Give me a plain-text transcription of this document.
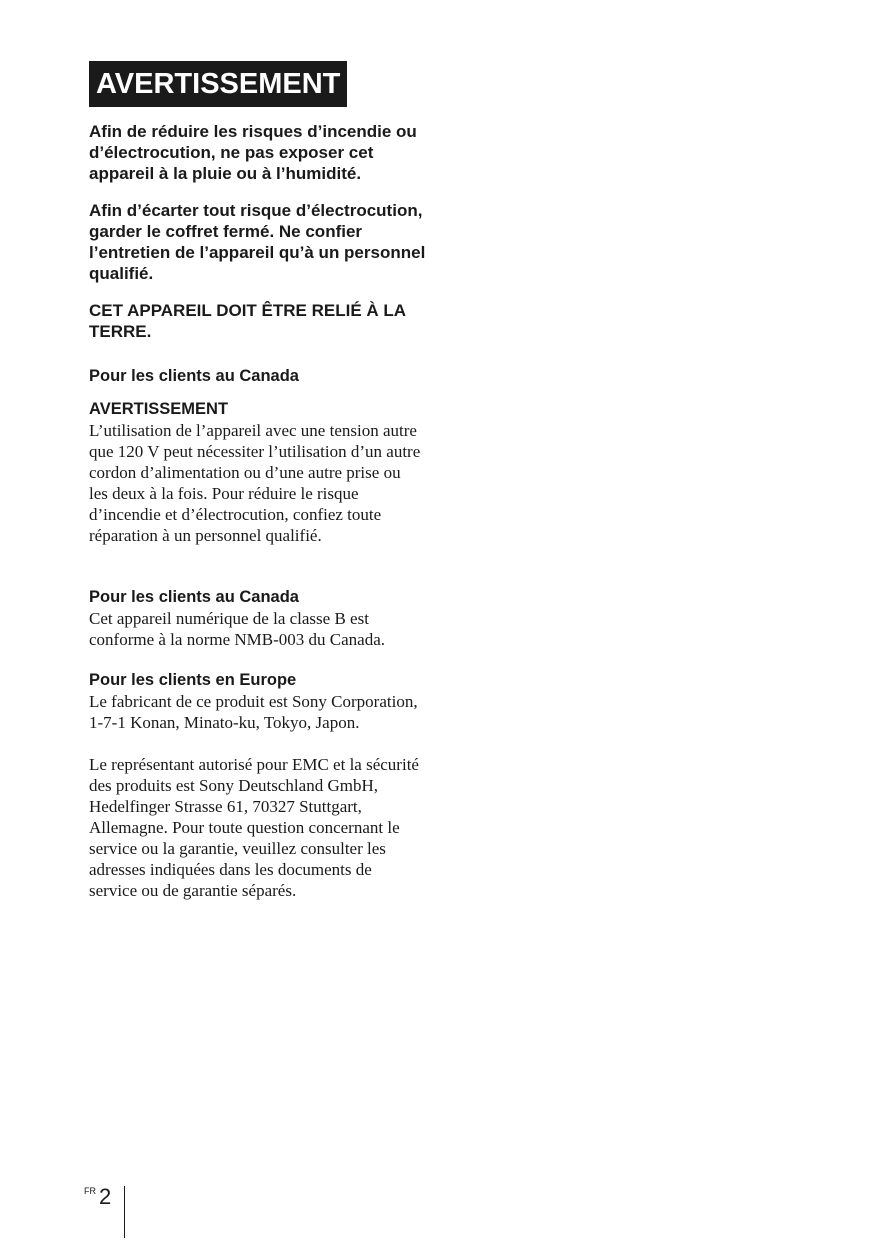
AVERTISSEMENT

Afin de réduire les risques d’incendie ou d’électrocution, ne pas exposer cet appareil à la pluie ou à l’humidité.

Afin d’écarter tout risque d’électrocution, garder le coffret fermé. Ne confier l’entretien de l’appareil qu’à un personnel qualifié.

CET APPAREIL DOIT ÊTRE RELIÉ À LA TERRE.

Pour les clients au Canada

AVERTISSEMENT

L’utilisation de l’appareil avec une tension autre que 120 V peut nécessiter l’utilisation d’un autre cordon d’alimentation ou d’une autre prise ou les deux à la fois. Pour réduire le risque d’incendie et d’électrocution, confiez toute réparation à un personnel qualifié.

Pour les clients au Canada

Cet appareil numérique de la classe B est conforme à la norme NMB-003 du Canada.

Pour les clients en Europe

Le fabricant de ce produit est Sony Corporation, 1-7-1 Konan, Minato-ku, Tokyo, Japon.

Le représentant autorisé pour EMC et la sécurité des produits est Sony Deutschland GmbH, Hedelfinger Strasse 61, 70327 Stuttgart, Allemagne. Pour toute question concernant le service ou la garantie, veuillez consulter les adresses indiquées dans les documents de service ou de garantie séparés.

FR 2
